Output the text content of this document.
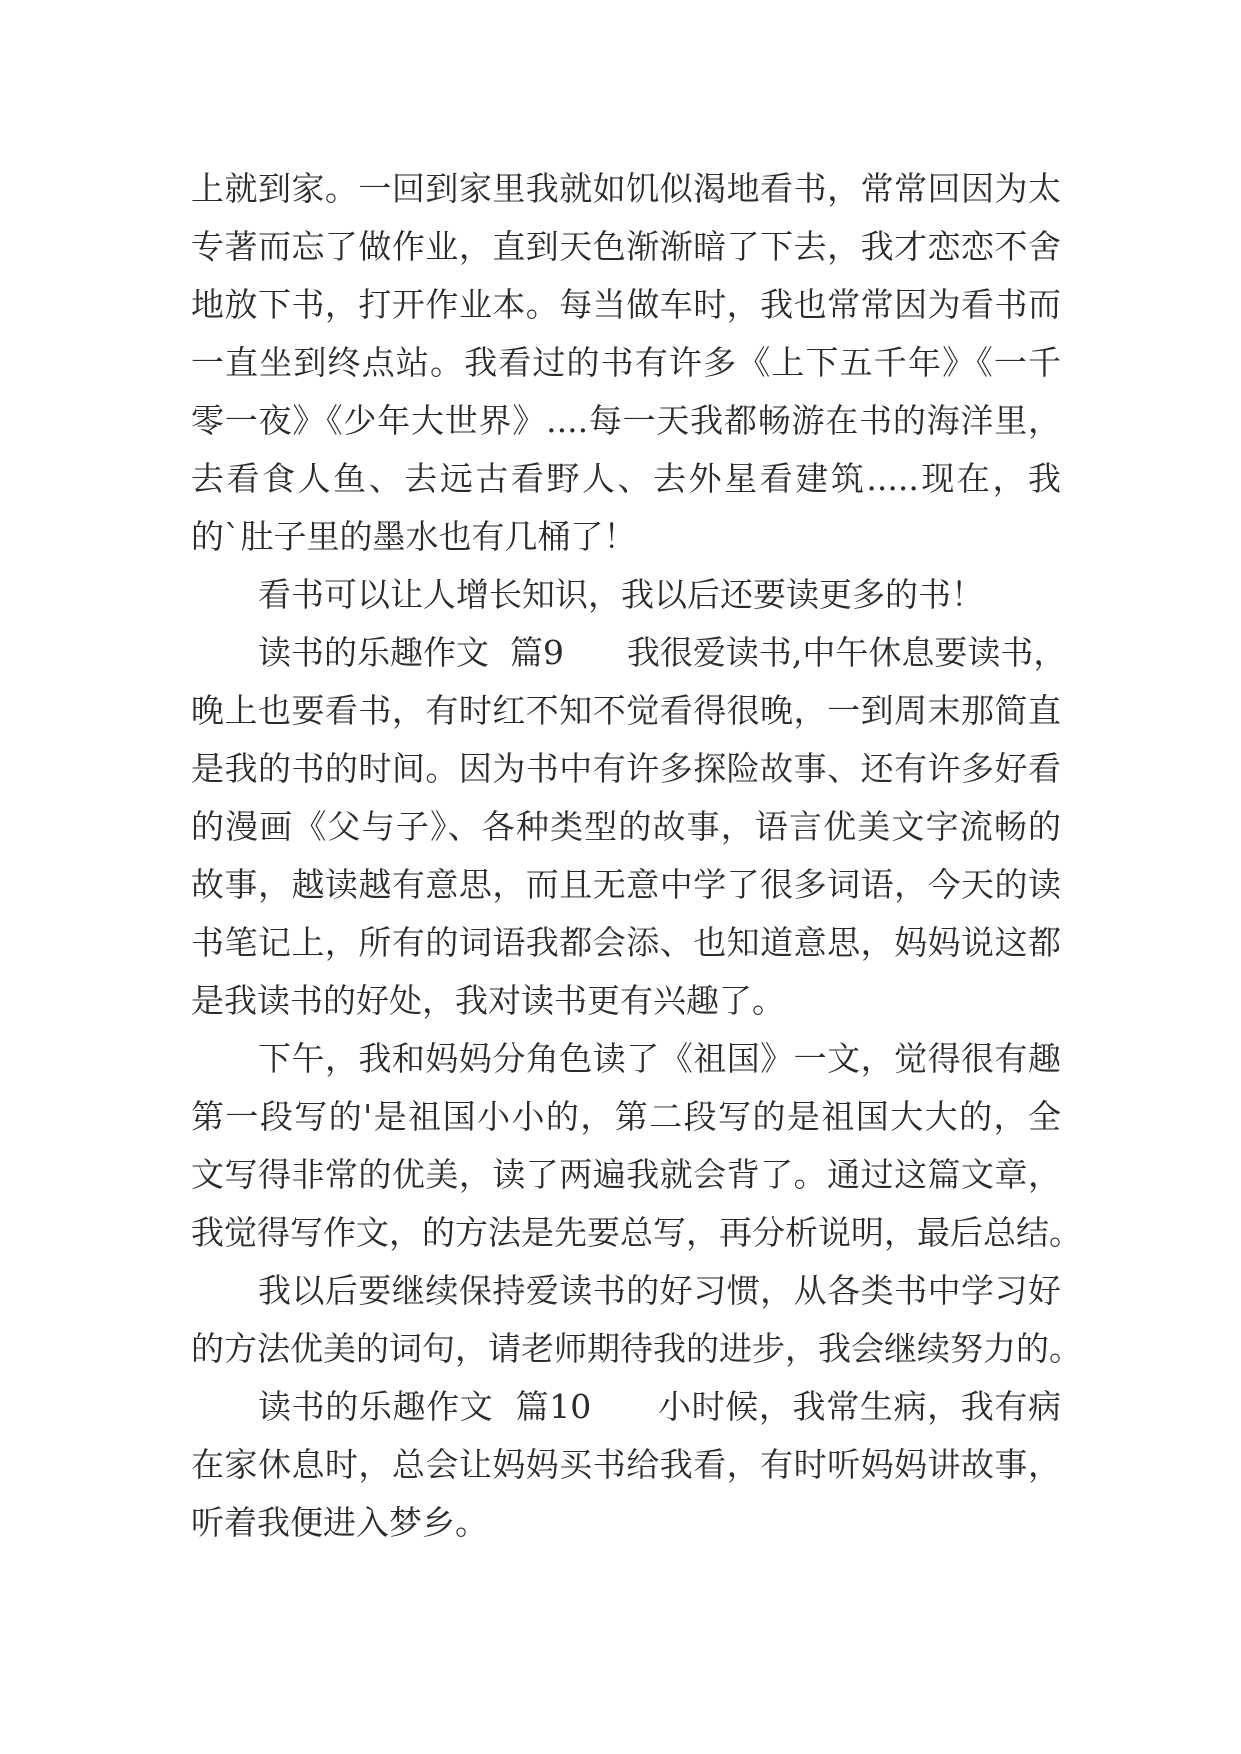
上就到家。一回到家里我就如饥似渴地看书，常常回因为太
专著而忘了做作业，直到天色渐渐暗了下去，我才恋恋不舍
地放下书，打开作业本。每当做车时，我也常常因为看书而
一直坐到终点站。我看过的书有许多《上下五千年》《一千
零一夜》《少年大世界》....每一天我都畅游在书的海洋里，
去看食人鱼、去远古看野人、去外星看建筑.....现在，我
的`肚子里的墨水也有几桶了！
看书可以让人增长知识，我以后还要读更多的书！
读书的乐趣作文  篇9      我很爱读书,中午休息要读书，
晚上也要看书，有时红不知不觉看得很晚，一到周末那简直
是我的书的时间。因为书中有许多探险故事、还有许多好看
的漫画《父与子》、各种类型的故事，语言优美文字流畅的
故事，越读越有意思，而且无意中学了很多词语，今天的读
书笔记上，所有的词语我都会添、也知道意思，妈妈说这都
是我读书的好处，我对读书更有兴趣了。
下午，我和妈妈分角色读了《祖国》一文，觉得很有趣
第一段写的'是祖国小小的，第二段写的是祖国大大的，全
文写得非常的优美，读了两遍我就会背了。通过这篇文章，
我觉得写作文，的方法是先要总写，再分析说明，最后总结。
我以后要继续保持爱读书的好习惯，从各类书中学习好
的方法优美的词句，请老师期待我的进步，我会继续努力的。
读书的乐趣作文  篇10      小时候，我常生病，我有病
在家休息时，总会让妈妈买书给我看，有时听妈妈讲故事，
听着我便进入梦乡。
